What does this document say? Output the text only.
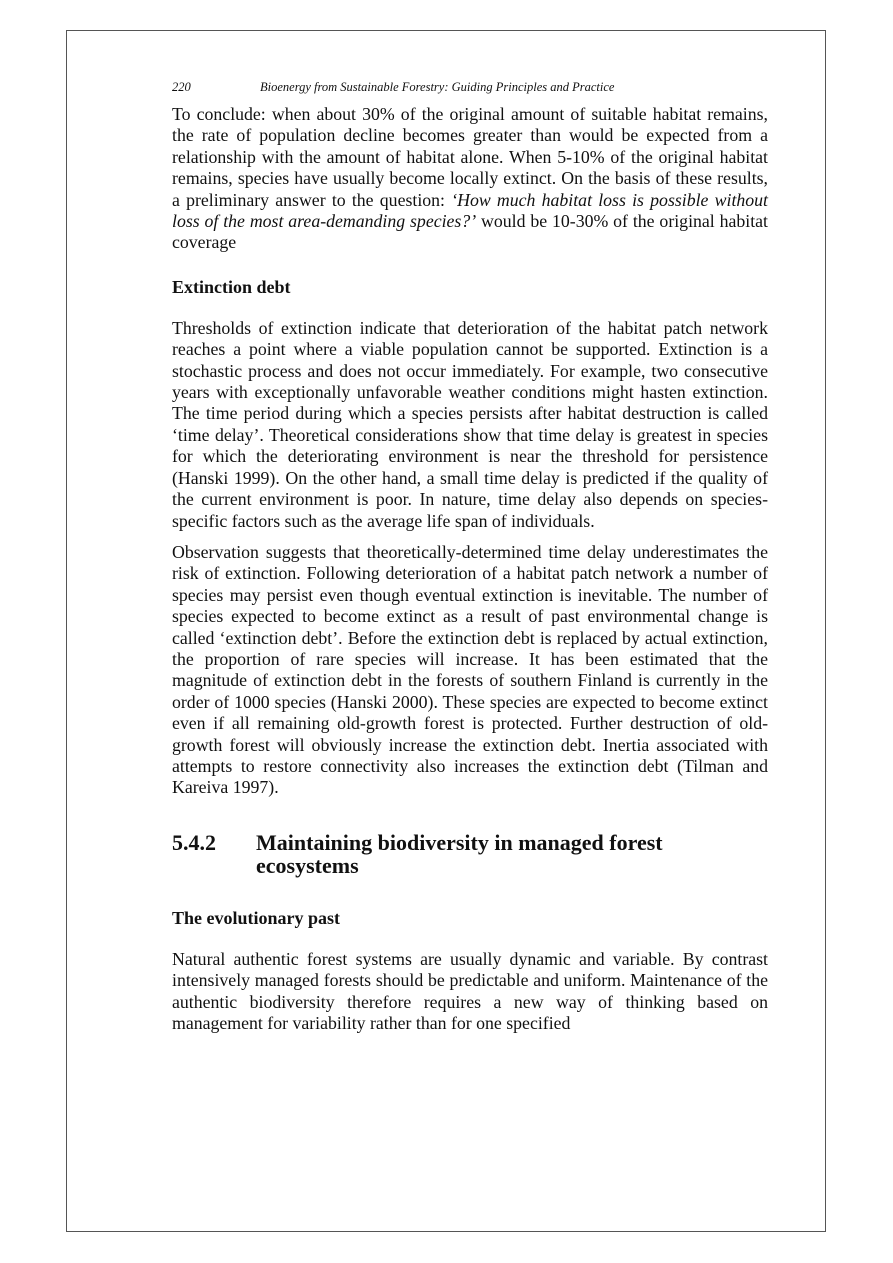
220	Bioenergy from Sustainable Forestry: Guiding Principles and Practice

To conclude: when about 30% of the original amount of suitable habitat remains, the rate of population decline becomes greater than would be expected from a relationship with the amount of habitat alone. When 5-10% of the original habitat remains, species have usually become locally extinct. On the basis of these results, a preliminary answer to the question: ‘How much habitat loss is possible without loss of the most area-demanding species?’ would be 10-30% of the original habitat coverage

Extinction debt

Thresholds of extinction indicate that deterioration of the habitat patch network reaches a point where a viable population cannot be supported. Extinction is a stochastic process and does not occur immediately. For example, two consecutive years with exceptionally unfavorable weather conditions might hasten extinction. The time period during which a species persists after habitat destruction is called ‘time delay’. Theoretical considerations show that time delay is greatest in species for which the deteriorating environment is near the threshold for persistence (Hanski 1999). On the other hand, a small time delay is predicted if the quality of the current environment is poor. In nature, time delay also depends on species-specific factors such as the average life span of individuals.

Observation suggests that theoretically-determined time delay underestimates the risk of extinction. Following deterioration of a habitat patch network a number of species may persist even though eventual extinction is inevitable. The number of species expected to become extinct as a result of past environmental change is called ‘extinction debt’. Before the extinction debt is replaced by actual extinction, the proportion of rare species will increase. It has been estimated that the magnitude of extinction debt in the forests of southern Finland is currently in the order of 1000 species (Hanski 2000). These species are expected to become extinct even if all remaining old-growth forest is protected. Further destruction of old-growth forest will obviously increase the extinction debt. Inertia associated with attempts to restore connectivity also increases the extinction debt (Tilman and Kareiva 1997).

5.4.2	Maintaining biodiversity in managed forest ecosystems
The evolutionary past

Natural authentic forest systems are usually dynamic and variable. By contrast intensively managed forests should be predictable and uniform. Maintenance of the authentic biodiversity therefore requires a new way of thinking based on management for variability rather than for one specified
